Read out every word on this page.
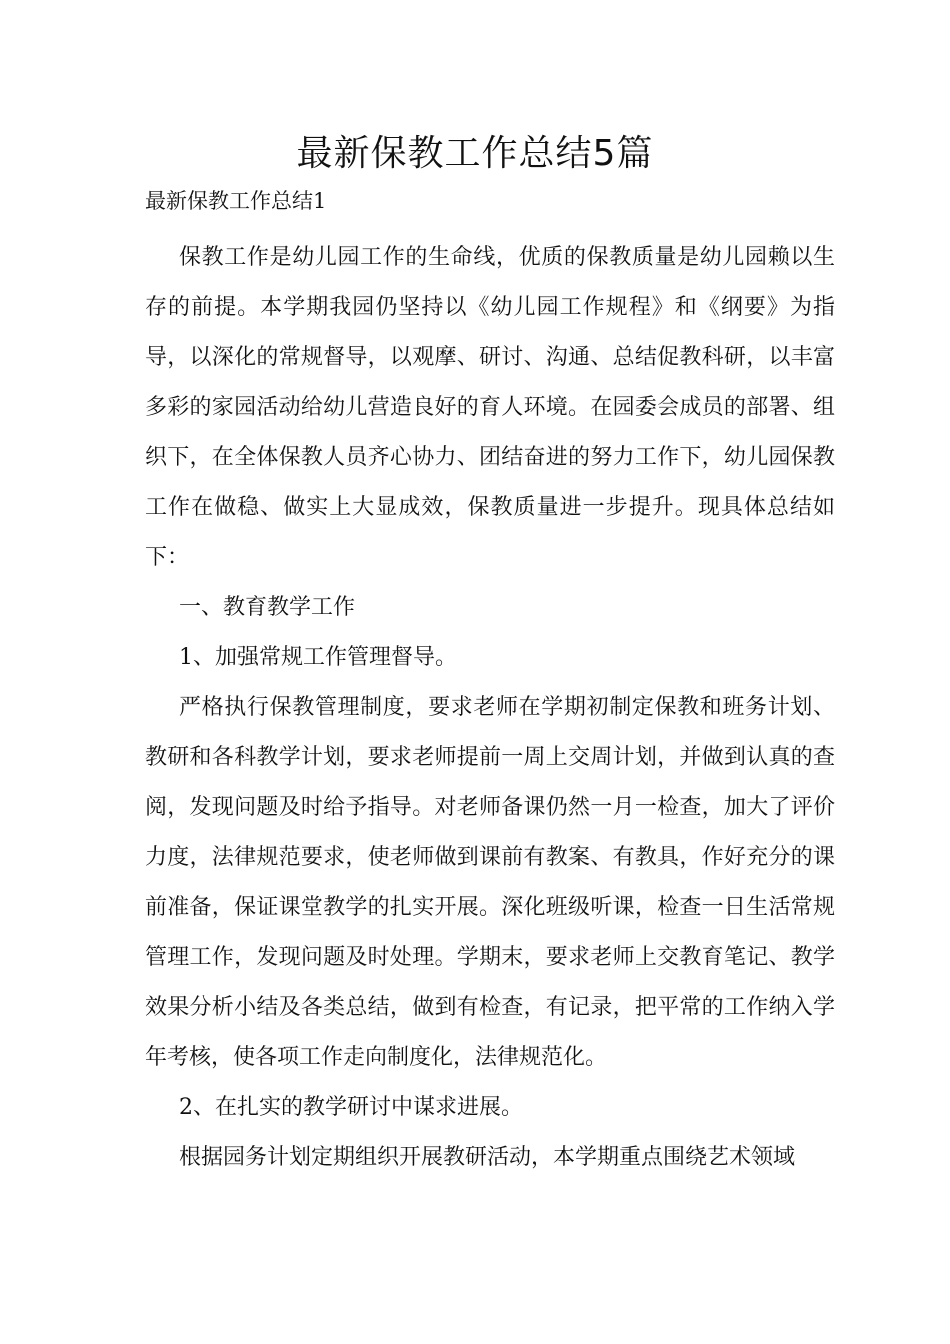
最新保教工作总结5篇

最新保教工作总结1

保教工作是幼儿园工作的生命线，优质的保教质量是幼儿园赖以生存的前提。本学期我园仍坚持以《幼儿园工作规程》和《纲要》为指导，以深化的常规督导，以观摩、研讨、沟通、总结促教科研，以丰富多彩的家园活动给幼儿营造良好的育人环境。在园委会成员的部署、组织下，在全体保教人员齐心协力、团结奋进的努力工作下，幼儿园保教工作在做稳、做实上大显成效，保教质量进一步提升。现具体总结如下：

一、教育教学工作

1、加强常规工作管理督导。

严格执行保教管理制度，要求老师在学期初制定保教和班务计划、教研和各科教学计划，要求老师提前一周上交周计划，并做到认真的查阅，发现问题及时给予指导。对老师备课仍然一月一检查，加大了评价力度，法律规范要求，使老师做到课前有教案、有教具，作好充分的课前准备，保证课堂教学的扎实开展。深化班级听课，检查一日生活常规管理工作，发现问题及时处理。学期末，要求老师上交教育笔记、教学效果分析小结及各类总结，做到有检查，有记录，把平常的工作纳入学年考核，使各项工作走向制度化，法律规范化。

2、在扎实的教学研讨中谋求进展。

根据园务计划定期组织开展教研活动，本学期重点围绕艺术领域
